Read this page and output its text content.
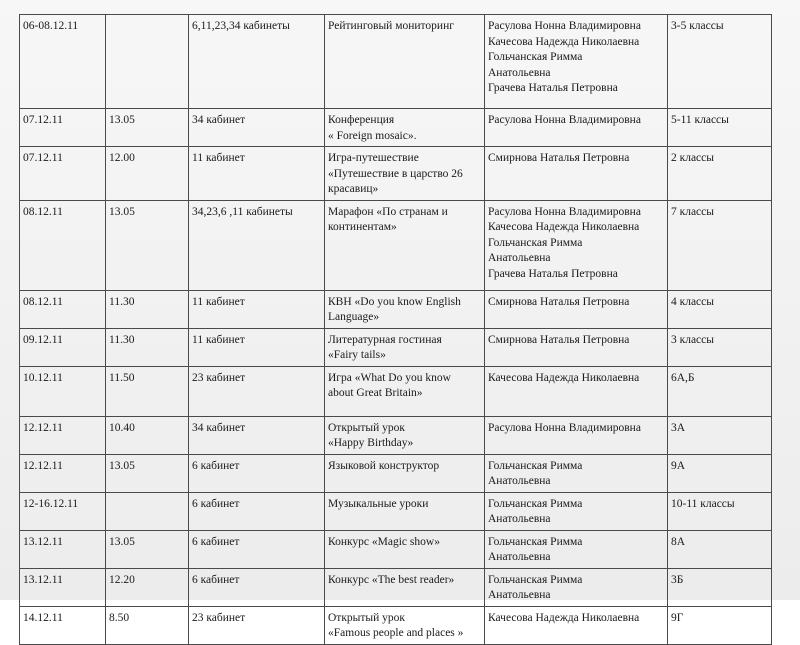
06-08.12.11		6,11,23,34 кабинеты	Рейтинговый мониторинг	Расулова Нонна Владимировна
Качесова Надежда Николаевна
Гольчанская Римма
Анатольевна
Грачева Наталья Петровна	3-5 классы
07.12.11	13.05	34 кабинет	Конференция
« Foreign mosaic».	Расулова Нонна Владимировна	5-11 классы
07.12.11	12.00	11 кабинет	Игра-путешествие
«Путешествие в царство 26
красавиц»	Смирнова Наталья Петровна	2 классы
08.12.11	13.05	34,23,6 ,11 кабинеты	Марафон «По странам и
континентам»	Расулова Нонна Владимировна
Качесова Надежда Николаевна
Гольчанская Римма
Анатольевна
Грачева Наталья Петровна	7 классы
08.12.11	11.30	11 кабинет	КВН «Do you know English
Language»	Смирнова Наталья Петровна	4 классы
09.12.11	11.30	11 кабинет	Литературная гостиная
«Fairy tails»	Смирнова Наталья Петровна	3 классы
10.12.11	11.50	23 кабинет	Игра «What Do you know
about Great Britain»	Качесова Надежда Николаевна	6А,Б
12.12.11	10.40	34 кабинет	Открытый урок
«Happy Birthday»	Расулова Нонна Владимировна	3А
12.12.11	13.05	6 кабинет	Языковой конструктор	Гольчанская Римма
Анатольевна	9А
12-16.12.11		6 кабинет	Музыкальные уроки	Гольчанская Римма
Анатольевна	10-11 классы
13.12.11	13.05	6 кабинет	Конкурс «Magic show»	Гольчанская Римма
Анатольевна	8А
13.12.11	12.20	6 кабинет	Конкурс «The best reader»	Гольчанская Римма
Анатольевна	3Б
14.12.11	8.50	23 кабинет	Открытый урок
«Famous people and places »	Качесова Надежда Николаевна	9Г
